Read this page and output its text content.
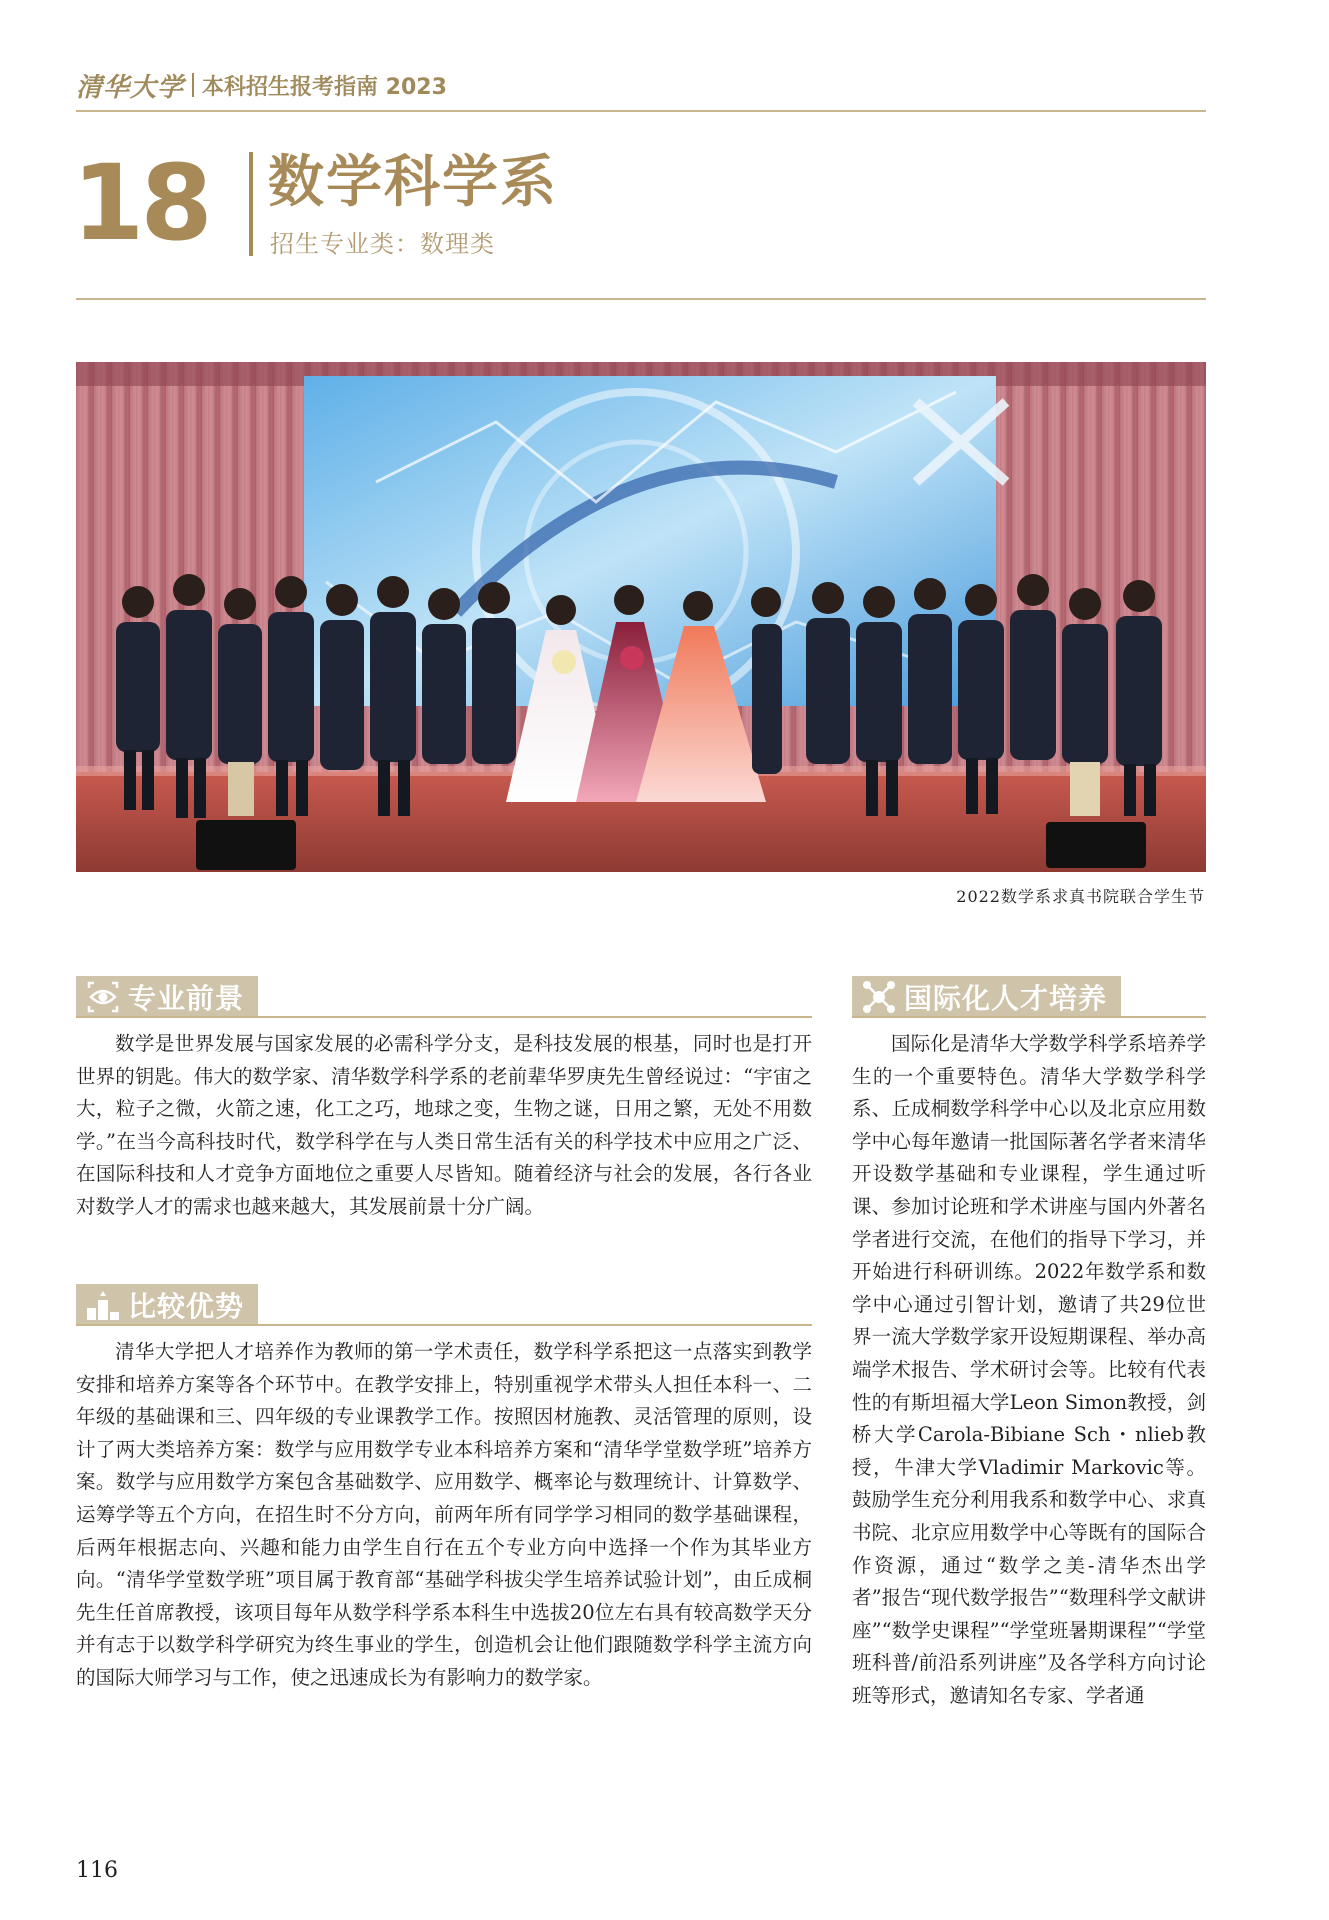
清华大学 本科招生报考指南 2023
18 数学科学系
招生专业类：数理类
2022数学系求真书院联合学生节
专业前景
数学是世界发展与国家发展的必需科学分支，是科技发展的根基，同时也是打开世界的钥匙。伟大的数学家、清华数学科学系的老前辈华罗庚先生曾经说过：“宇宙之大，粒子之微，火箭之速，化工之巧，地球之变，生物之谜，日用之繁，无处不用数学。”在当今高科技时代，数学科学在与人类日常生活有关的科学技术中应用之广泛、在国际科技和人才竞争方面地位之重要人尽皆知。随着经济与社会的发展，各行各业对数学人才的需求也越来越大，其发展前景十分广阔。
比较优势
清华大学把人才培养作为教师的第一学术责任，数学科学系把这一点落实到教学安排和培养方案等各个环节中。在教学安排上，特别重视学术带头人担任本科一、二年级的基础课和三、四年级的专业课教学工作。按照因材施教、灵活管理的原则，设计了两大类培养方案：数学与应用数学专业本科培养方案和“清华学堂数学班”培养方案。数学与应用数学方案包含基础数学、应用数学、概率论与数理统计、计算数学、运筹学等五个方向，在招生时不分方向，前两年所有同学学习相同的数学基础课程，后两年根据志向、兴趣和能力由学生自行在五个专业方向中选择一个作为其毕业方向。“清华学堂数学班”项目属于教育部“基础学科拔尖学生培养试验计划”，由丘成桐先生任首席教授，该项目每年从数学科学系本科生中选拔20位左右具有较高数学天分并有志于以数学科学研究为终生事业的学生，创造机会让他们跟随数学科学主流方向的国际大师学习与工作，使之迅速成长为有影响力的数学家。
国际化人才培养
国际化是清华大学数学科学系培养学生的一个重要特色。清华大学数学科学系、丘成桐数学科学中心以及北京应用数学中心每年邀请一批国际著名学者来清华开设数学基础和专业课程，学生通过听课、参加讨论班和学术讲座与国内外著名学者进行交流，在他们的指导下学习，并开始进行科研训练。2022年数学系和数学中心通过引智计划，邀请了共29位世界一流大学数学家开设短期课程、举办高端学术报告、学术研讨会等。比较有代表性的有斯坦福大学Leon Simon教授，剑桥大学Carola-Bibiane Sch・nlieb教授，牛津大学Vladimir Markovic等。鼓励学生充分利用我系和数学中心、求真书院、北京应用数学中心等既有的国际合作资源，通过“数学之美-清华杰出学者”报告“现代数学报告”“数理科学文献讲座”“数学史课程”“学堂班暑期课程”“学堂班科普/前沿系列讲座”及各学科方向讨论班等形式，邀请知名专家、学者通
116
